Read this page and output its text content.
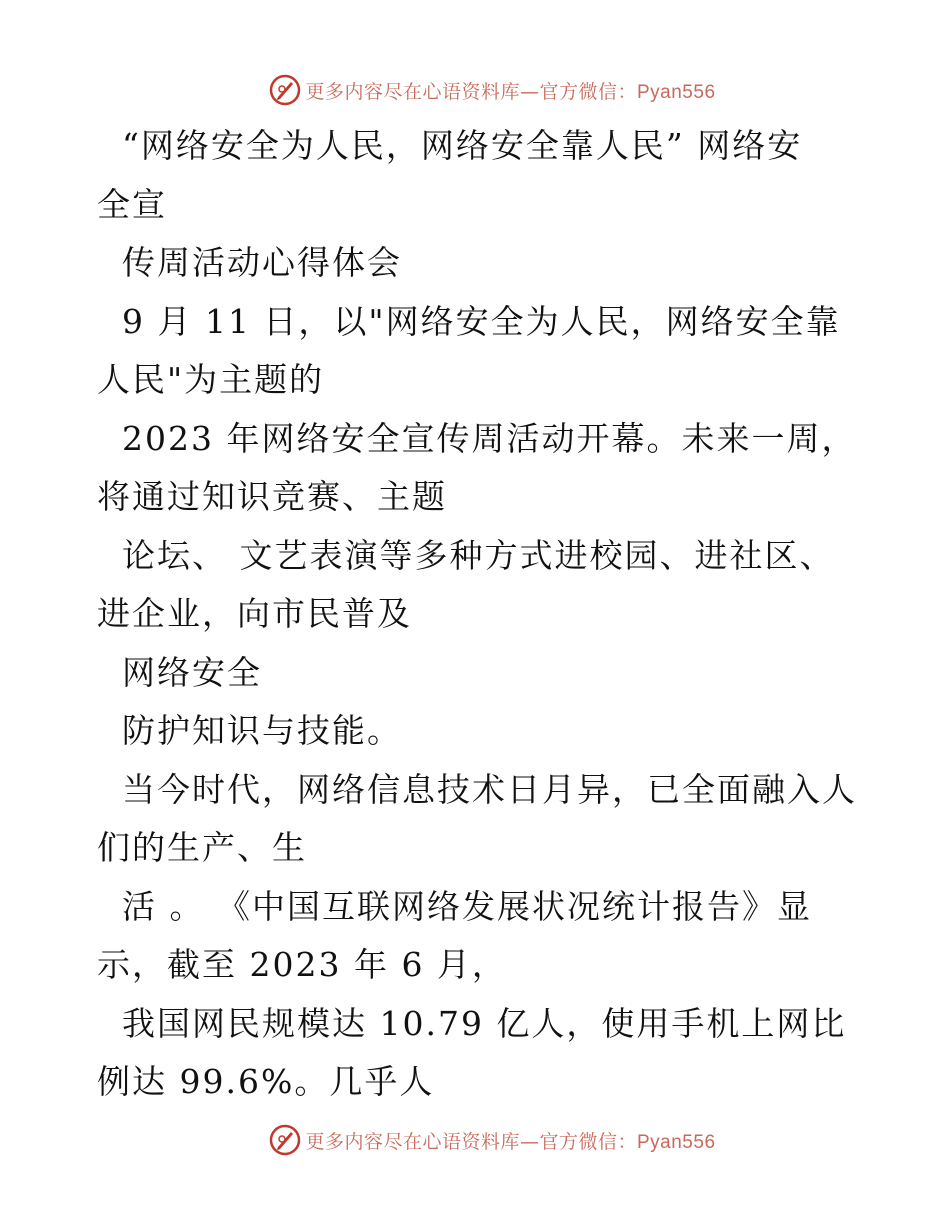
更多内容尽在心语资料库—官方微信：Pyan556
“网络安全为人民，网络安全靠人民” 网络安
全宣
传周活动心得体会
9 月 11 日，以"网络安全为人民，网络安全靠
人民"为主题的
2023 年网络安全宣传周活动开幕。未来一周，
将通过知识竞赛、主题
论坛、 文艺表演等多种方式进校园、进社区、
进企业，向市民普及
网络安全
防护知识与技能。
当今时代，网络信息技术日月异，已全面融入人
们的生产、生
活 。 《中国互联网络发展状况统计报告》显
示，截至 2023 年 6 月，
我国网民规模达 10.79 亿人，使用手机上网比
例达 99.6%。几乎人
更多内容尽在心语资料库—官方微信：Pyan556
